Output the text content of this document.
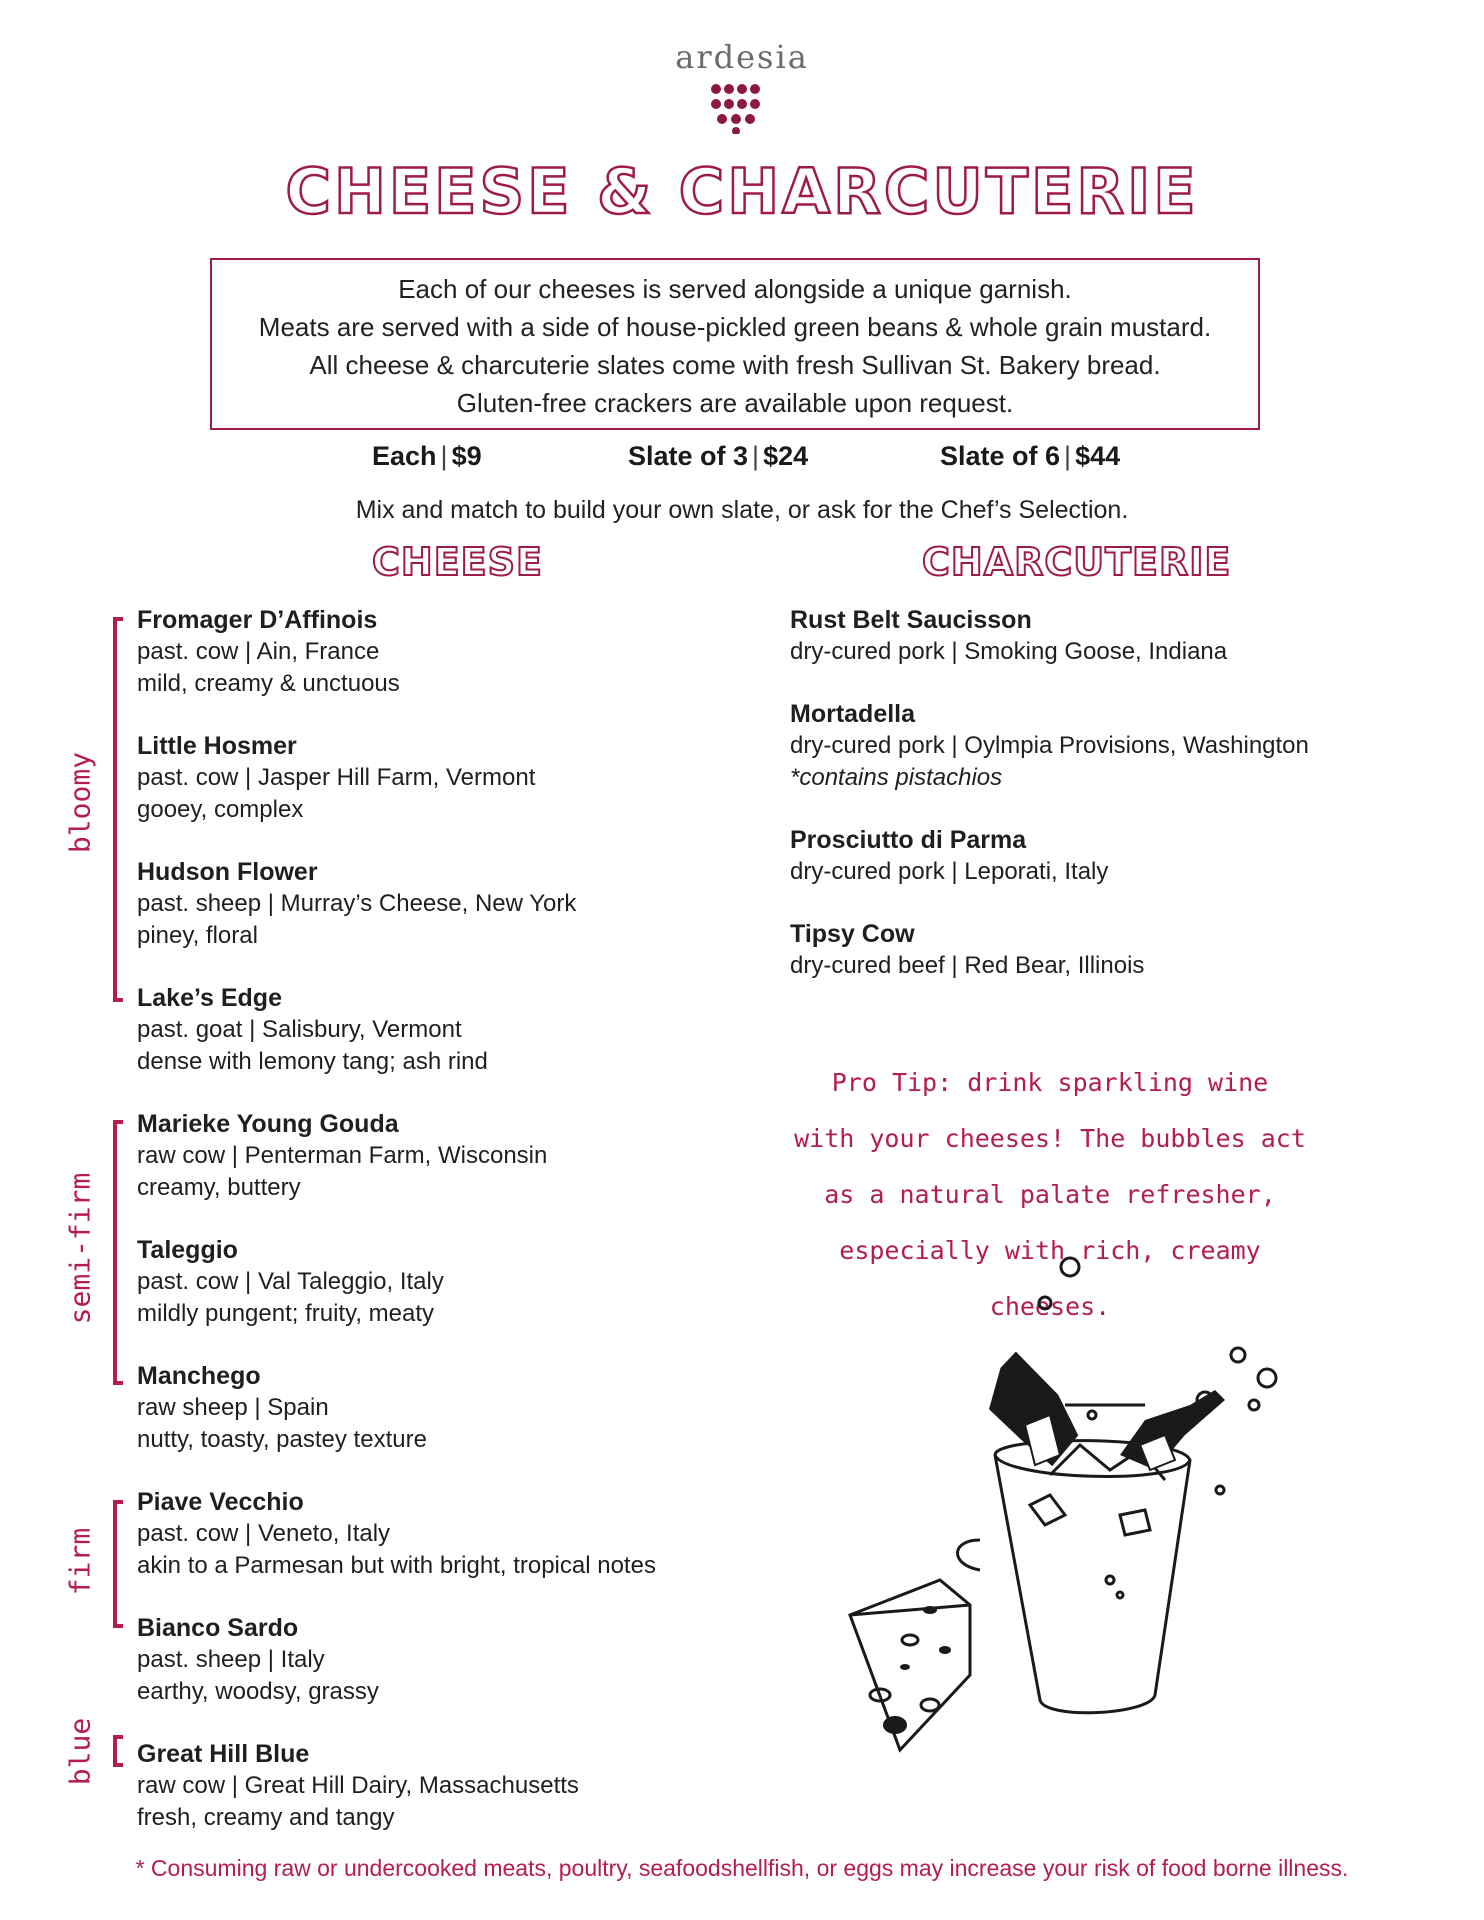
ardesia
CHEESE & CHARCUTERIE
Each of our cheeses is served alongside a unique garnish.
Meats are served with a side of house-pickled green beans & whole grain mustard.
All cheese & charcuterie slates come with fresh Sullivan St. Bakery bread.
Gluten-free crackers are available upon request.
Each | $9	Slate of 3 | $24	Slate of 6 | $44
Mix and match to build your own slate, or ask for the Chef’s Selection.
CHEESE	CHARCUTERIE
bloomy
semi-firm
firm
blue
Fromager D’Affinois
past. cow | Ain, France
mild, creamy & unctuous
Little Hosmer
past. cow | Jasper Hill Farm, Vermont
gooey, complex
Hudson Flower
past. sheep | Murray’s Cheese, New York
piney, floral
Lake’s Edge
past. goat | Salisbury, Vermont
dense with lemony tang; ash rind
Marieke Young Gouda
raw cow | Penterman Farm, Wisconsin
creamy, buttery
Taleggio
past. cow | Val Taleggio, Italy
mildly pungent; fruity, meaty
Manchego
raw sheep | Spain
nutty, toasty, pastey texture
Piave Vecchio
past. cow | Veneto, Italy
akin to a Parmesan but with bright, tropical notes
Bianco Sardo
past. sheep | Italy
earthy, woodsy, grassy
Great Hill Blue
raw cow | Great Hill Dairy, Massachusetts
fresh, creamy and tangy
Rust Belt Saucisson
dry-cured pork | Smoking Goose, Indiana
Mortadella
dry-cured pork | Oylmpia Provisions, Washington
*contains pistachios
Prosciutto di Parma
dry-cured pork | Leporati, Italy
Tipsy Cow
dry-cured beef | Red Bear, Illinois
Pro Tip: drink sparkling wine
with your cheeses! The bubbles act
as a natural palate refresher,
especially with rich, creamy cheeses.
* Consuming raw or undercooked meats, poultry, seafoodshellfish, or eggs may increase your risk of food borne illness.
